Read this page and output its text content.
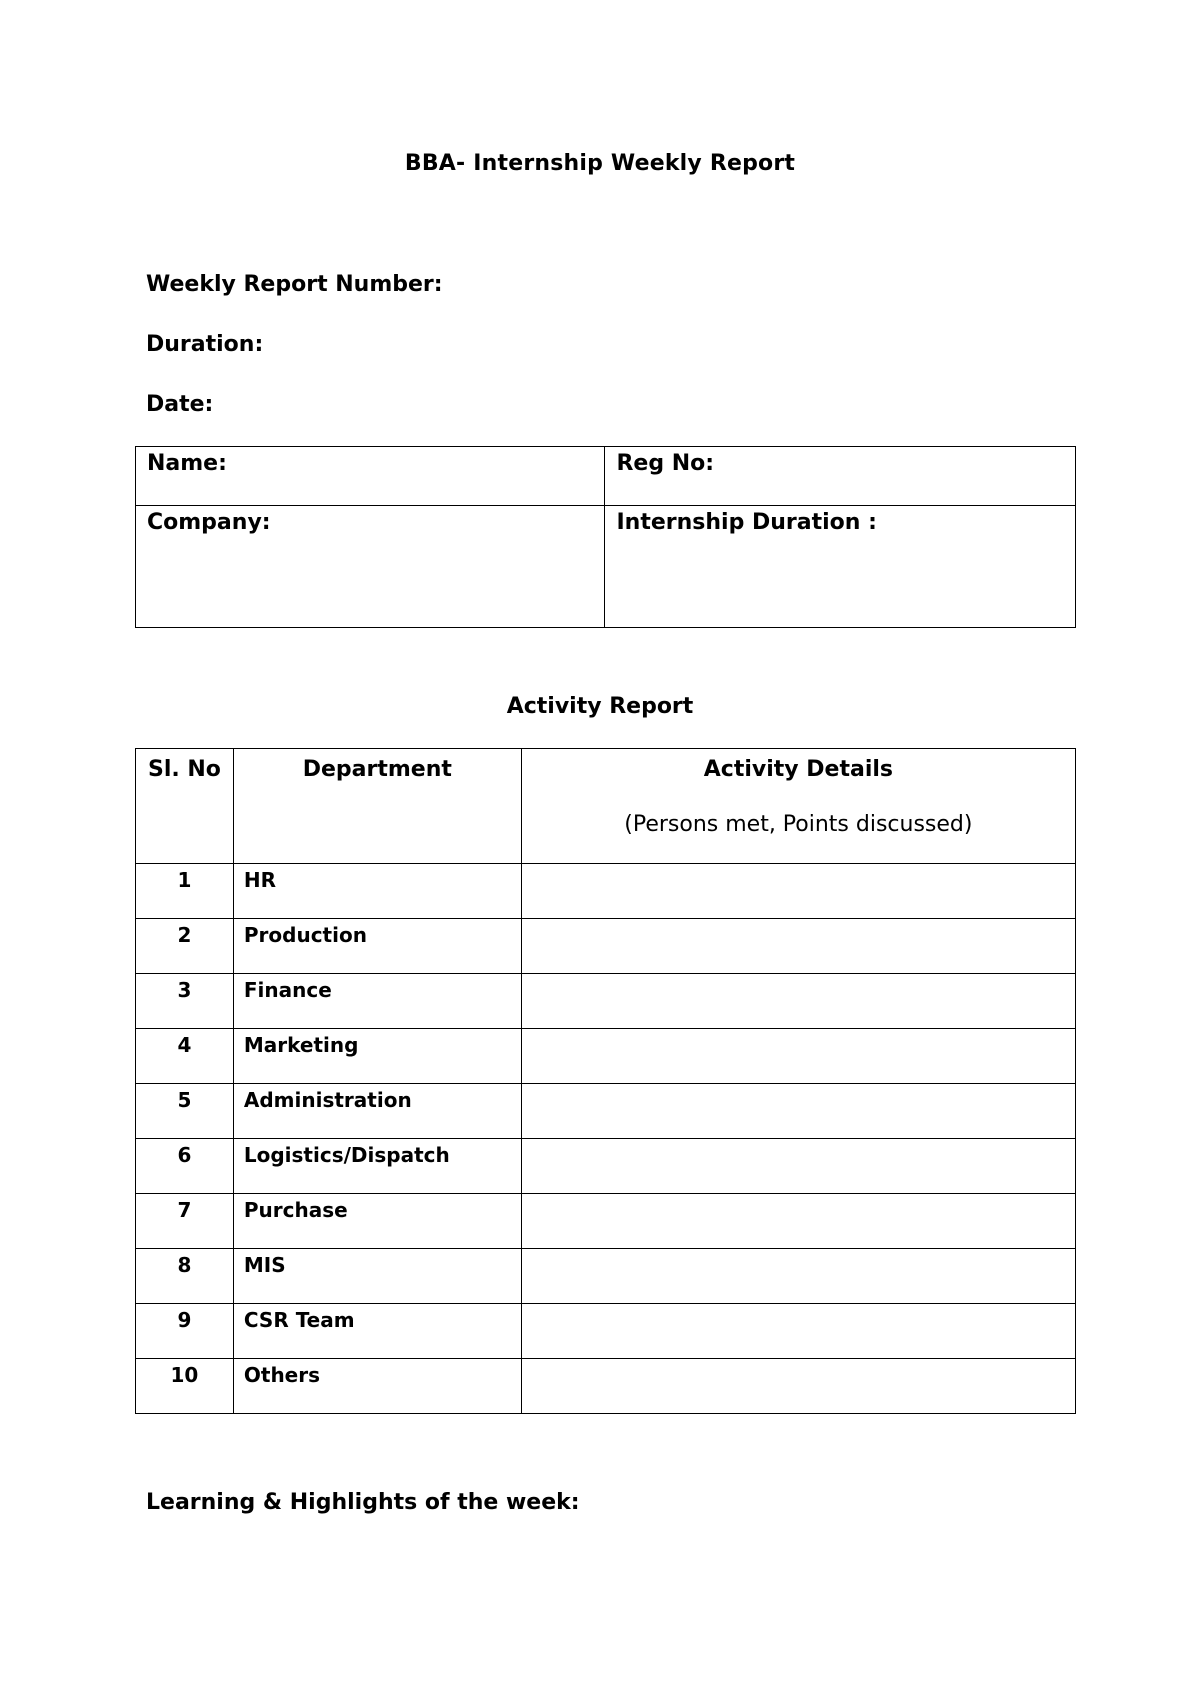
BBA- Internship Weekly Report
Weekly Report Number:
Duration:
Date:
Name:	Reg No:
Company:	Internship Duration :
Activity Report
Sl. No	Department	Activity Details
(Persons met, Points discussed)

1	HR	
2	Production	
3	Finance	
4	Marketing	
5	Administration	
6	Logistics/Dispatch	
7	Purchase	
8	MIS	
9	CSR Team	
10	Others	
Learning & Highlights of the week:
